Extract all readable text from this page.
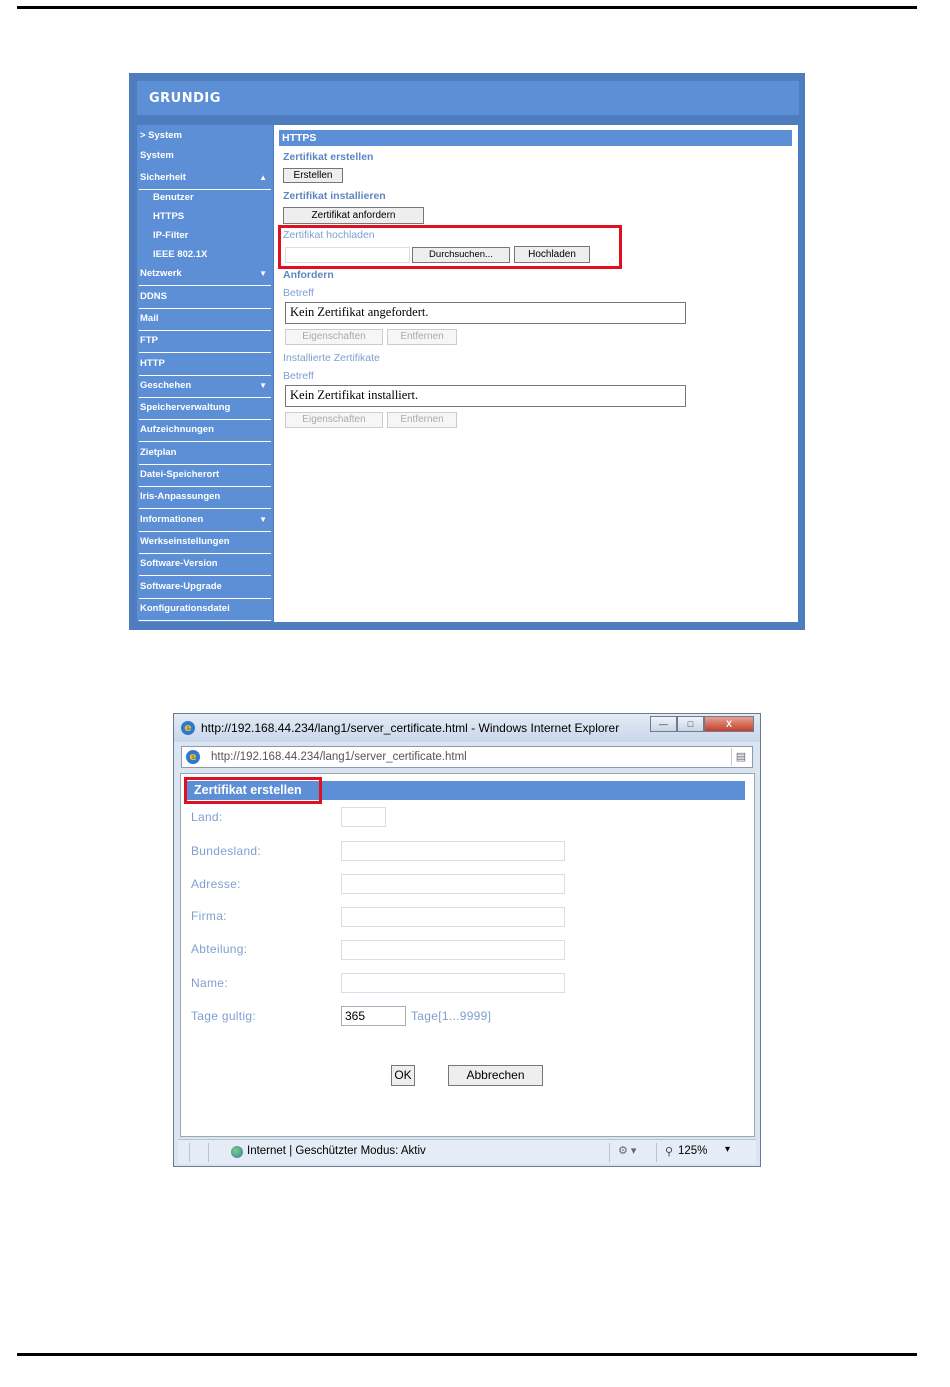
GRUNDIG
> System
System
Sicherheit	▲
Benutzer
HTTPS
IP-Filter
IEEE 802.1X
Netzwerk	▼
DDNS
Mail
FTP
HTTP
Geschehen	▼
Speicherverwaltung
Aufzeichnungen
Zietplan
Datei-Speicherort
Iris-Anpassungen
Informationen	▼
Werkseinstellungen
Software-Version
Software-Upgrade
Konfigurationsdatei
HTTPS
Zertifikat erstellen
Erstellen
Zertifikat installieren
Zertifikat anfordern
Zertifikat hochladen
Durchsuchen...	Hochladen
Anfordern
Betreff
Kein Zertifikat angefordert.
Eigenschaften	Entfernen
Installierte Zertifikate
Betreff
Kein Zertifikat installiert.
Eigenschaften	Entfernen
e http://192.168.44.234/lang1/server_certificate.html - Windows Internet Explorer	—	□	X
e http://192.168.44.234/lang1/server_certificate.html	▤
Zertifikat erstellen
Land:
Bundesland:
Adresse:
Firma:
Abteilung:
Name:
Tage gultig:	365	Tage[1...9999]
OK	Abbrechen
Internet | Geschützter Modus: Aktiv	⚙ ▾	⚲ 125% ▾
